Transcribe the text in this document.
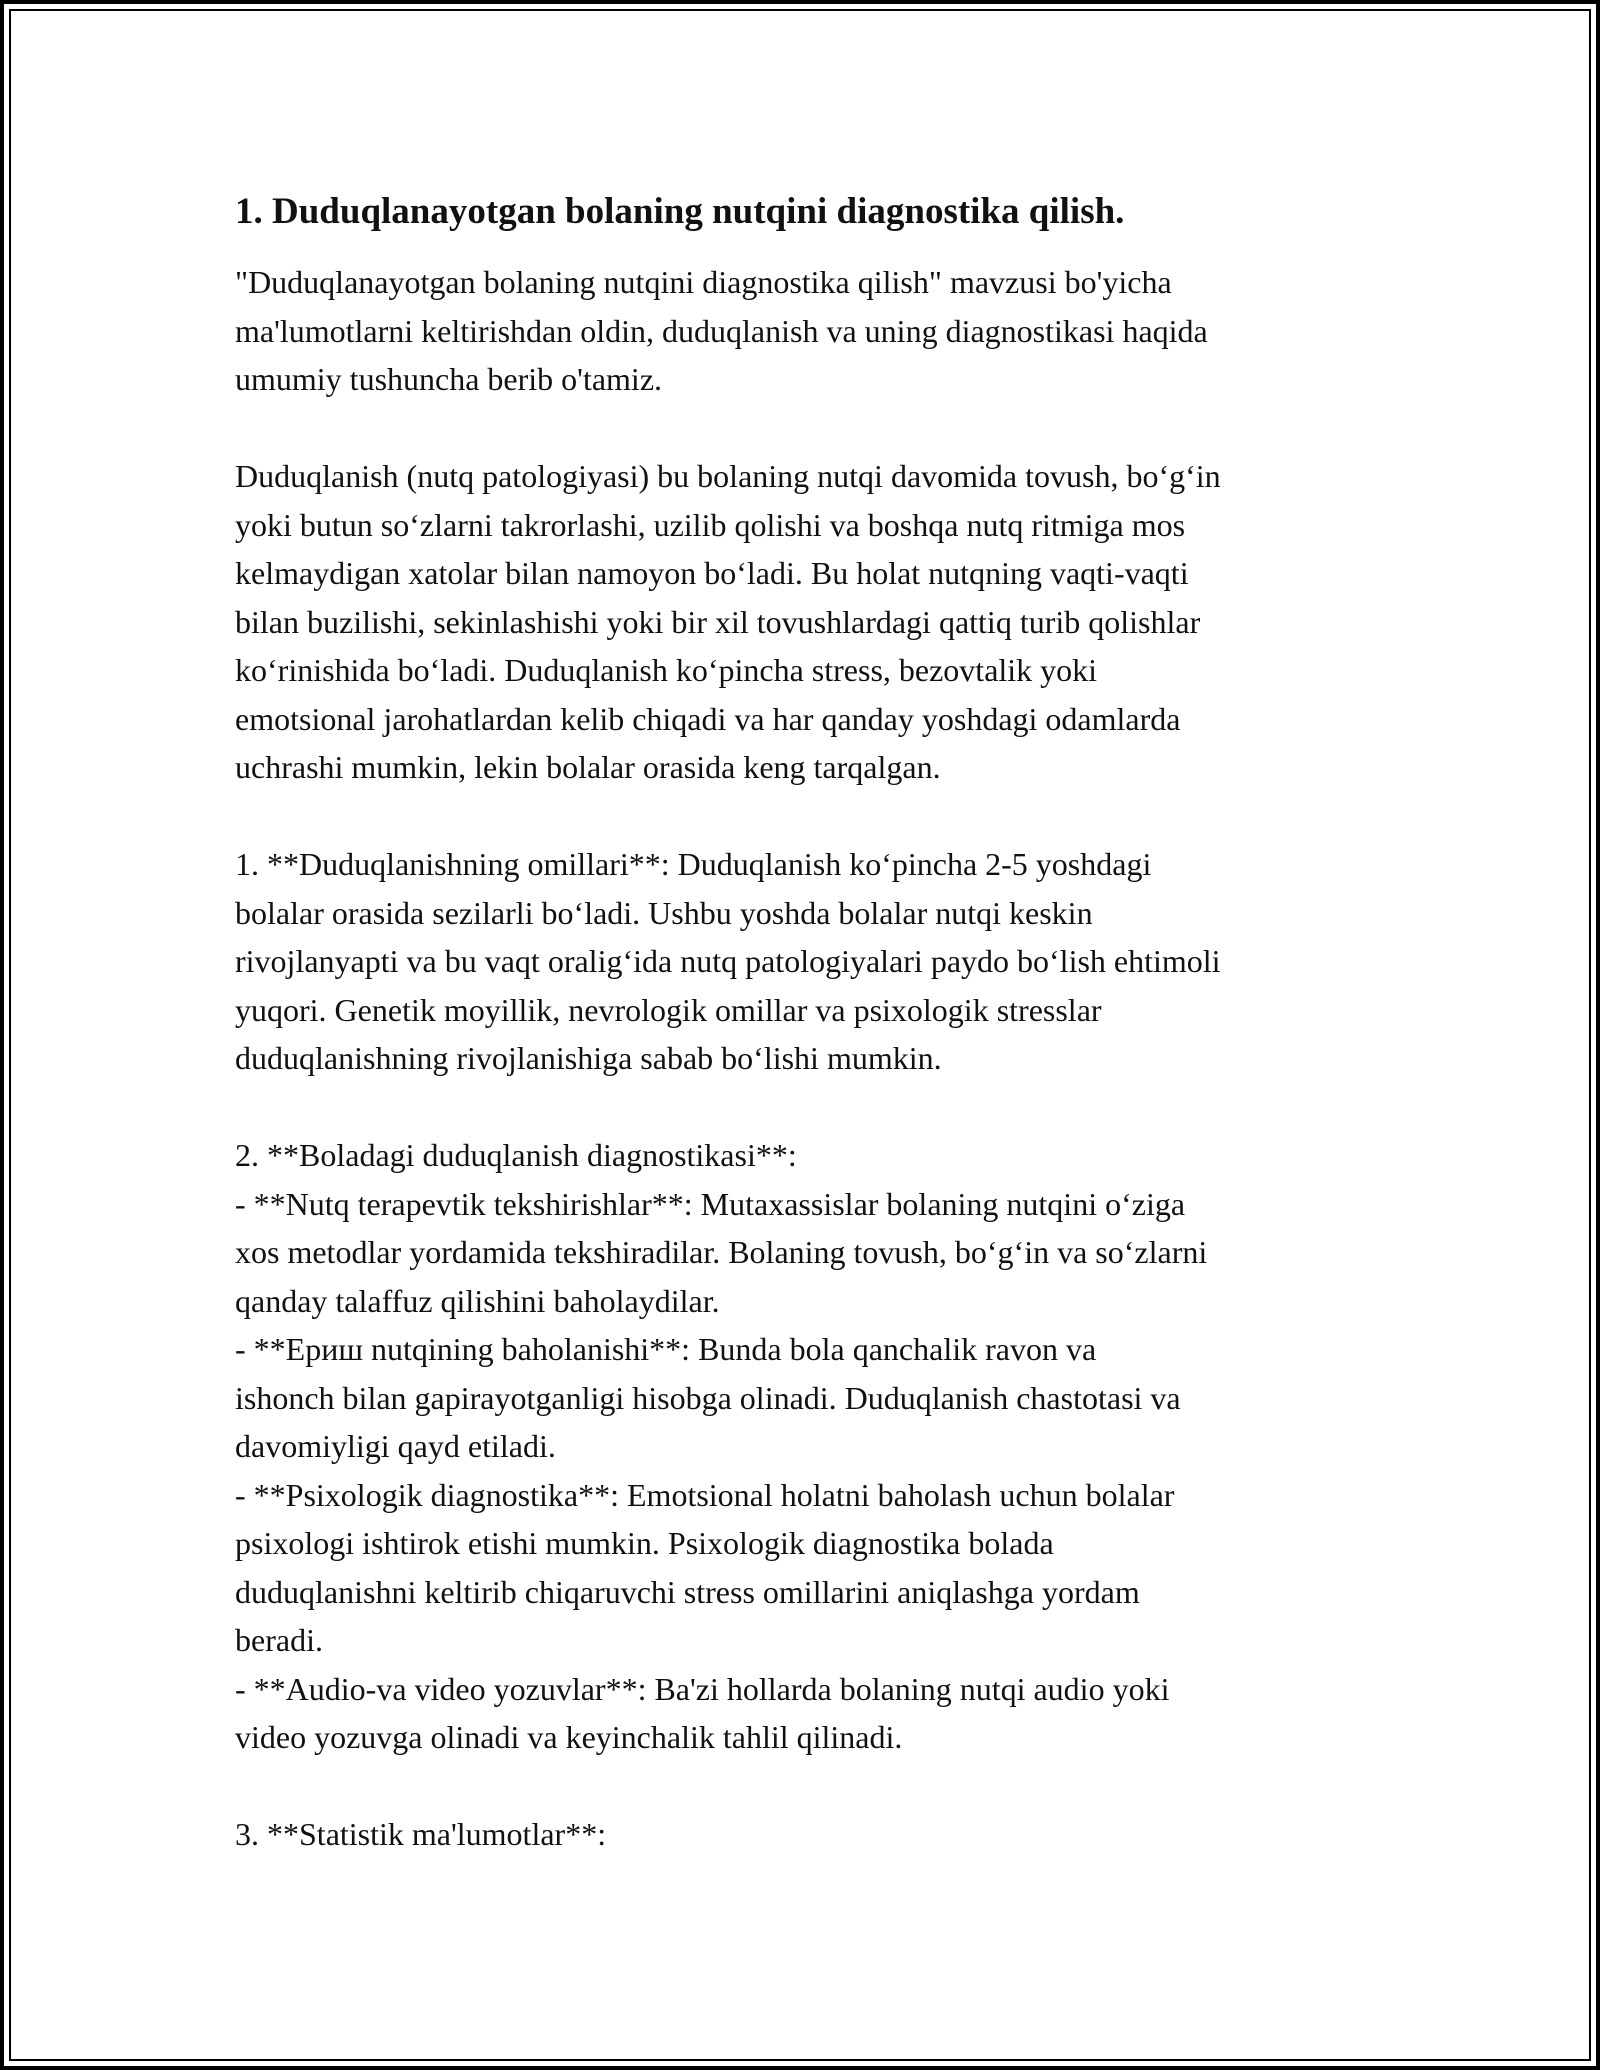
1. Duduqlanayotgan bolaning nutqini diagnostika qilish.

"Duduqlanayotgan bolaning nutqini diagnostika qilish" mavzusi bo'yicha
ma'lumotlarni keltirishdan oldin, duduqlanish va uning diagnostikasi haqida
umumiy tushuncha berib o'tamiz.

Duduqlanish (nutq patologiyasi) bu bolaning nutqi davomida tovush, boʻgʻin
yoki butun soʻzlarni takrorlashi, uzilib qolishi va boshqa nutq ritmiga mos
kelmaydigan xatolar bilan namoyon boʻladi. Bu holat nutqning vaqti-vaqti
bilan buzilishi, sekinlashishi yoki bir xil tovushlardagi qattiq turib qolishlar
koʻrinishida boʻladi. Duduqlanish koʻpincha stress, bezovtalik yoki
emotsional jarohatlardan kelib chiqadi va har qanday yoshdagi odamlarda
uchrashi mumkin, lekin bolalar orasida keng tarqalgan.

1. **Duduqlanishning omillari**: Duduqlanish koʻpincha 2-5 yoshdagi
bolalar orasida sezilarli boʻladi. Ushbu yoshda bolalar nutqi keskin
rivojlanyapti va bu vaqt oraligʻida nutq patologiyalari paydo boʻlish ehtimoli
yuqori. Genetik moyillik, nevrologik omillar va psixologik stresslar
duduqlanishning rivojlanishiga sabab boʻlishi mumkin.

2. **Boladagi duduqlanish diagnostikasi**:
- **Nutq terapevtik tekshirishlar**: Mutaxassislar bolaning nutqini oʻziga
xos metodlar yordamida tekshiradilar. Bolaning tovush, boʻgʻin va soʻzlarni
qanday talaffuz qilishini baholaydilar.
- **Ериш nutqining baholanishi**: Bunda bola qanchalik ravon va
ishonch bilan gapirayotganligi hisobga olinadi. Duduqlanish chastotasi va
davomiyligi qayd etiladi.
- **Psixologik diagnostika**: Emotsional holatni baholash uchun bolalar
psixologi ishtirok etishi mumkin. Psixologik diagnostika bolada
duduqlanishni keltirib chiqaruvchi stress omillarini aniqlashga yordam
beradi.
- **Audio-va video yozuvlar**: Ba'zi hollarda bolaning nutqi audio yoki
video yozuvga olinadi va keyinchalik tahlil qilinadi.

3. **Statistik ma'lumotlar**:
